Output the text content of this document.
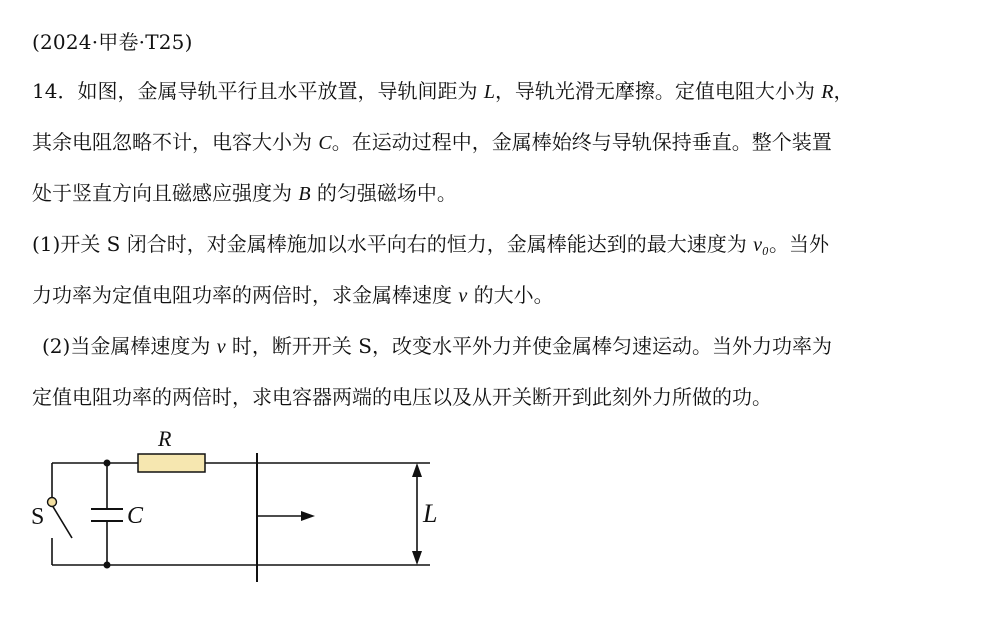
(2024·甲卷·T25)
14．如图，金属导轨平行且水平放置，导轨间距为 L，导轨光滑无摩擦。定值电阻大小为 R，
其余电阻忽略不计，电容大小为 C。在运动过程中，金属棒始终与导轨保持垂直。整个装置
处于竖直方向且磁感应强度为 B 的匀强磁场中。
(1)开关 S 闭合时，对金属棒施加以水平向右的恒力，金属棒能达到的最大速度为 v₀。当外
力功率为定值电阻功率的两倍时，求金属棒速度 v 的大小。
(2)当金属棒速度为 v 时，断开开关 S，改变水平外力并使金属棒匀速运动。当外力功率为
定值电阻功率的两倍时，求电容器两端的电压以及从开关断开到此刻外力所做的功。
R
C
S	L
